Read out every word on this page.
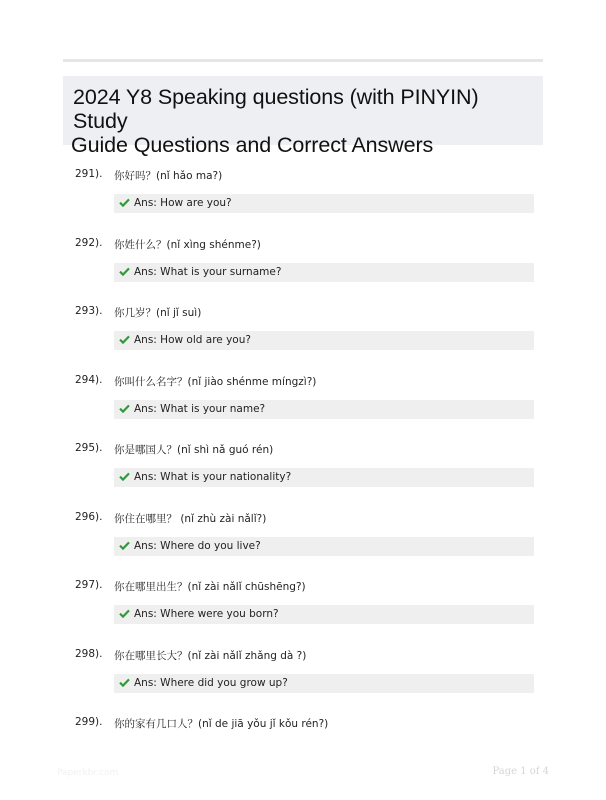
2024 Y8 Speaking questions (with PINYIN) Study
Guide Questions and Correct Answers
291). 你好吗？(nǐ hǎo ma?)
Ans: How are you?
292). 你姓什么？(nǐ xìng shénme?)
Ans: What is your surname?
293). 你几岁？(nǐ jǐ suì)
Ans: How old are you?
294). 你叫什么名字？(nǐ jiào shénme míngzì?)
Ans: What is your name?
295). 你是哪国人？(nǐ shì nǎ guó rén)
Ans: What is your nationality?
296). 你住在哪里？ (nǐ zhù zài nǎlǐ?)
Ans: Where do you live?
297). 你在哪里出生？(nǐ zài nǎlǐ chūshēng?)
Ans: Where were you born?
298). 你在哪里长大？(nǐ zài nǎlǐ zhǎng dà ?)
Ans: Where did you grow up?
299). 你的家有几口人？(nǐ de jiā yǒu jǐ kǒu rén?)
Paperkbr.com	Page 1 of 4
